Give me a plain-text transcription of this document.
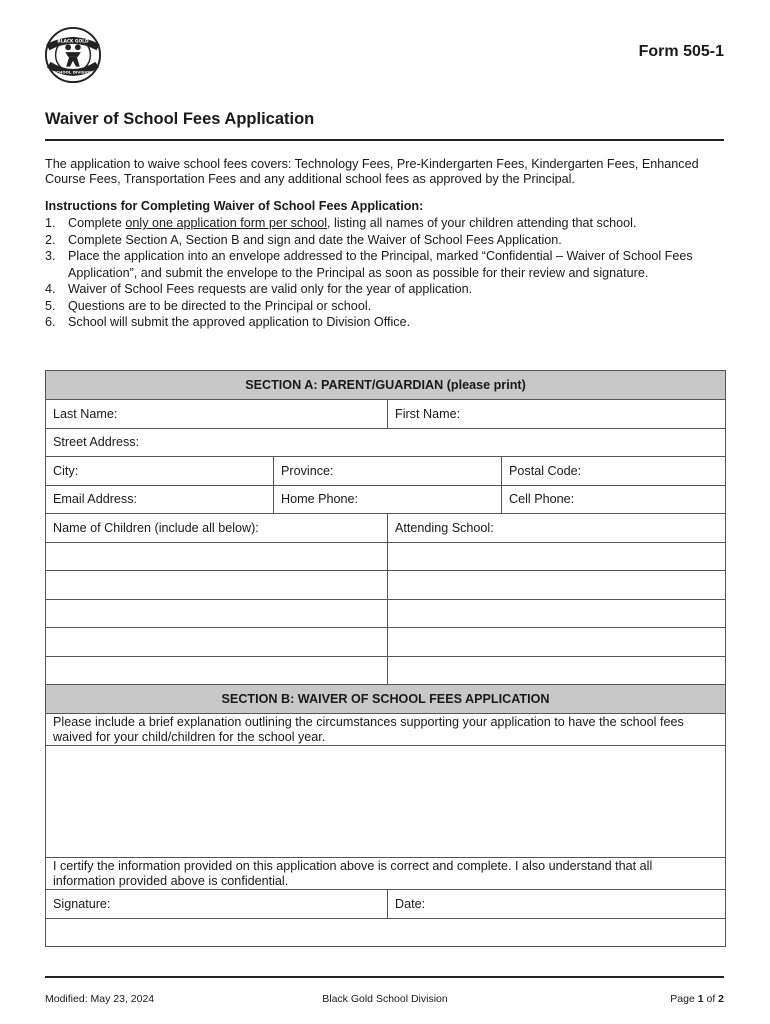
BLACK GOLD
SCHOOL DIVISION
Form 505-1
Waiver of School Fees Application
The application to waive school fees covers: Technology Fees, Pre-Kindergarten Fees, Kindergarten Fees, Enhanced Course Fees, Transportation Fees and any additional school fees as approved by the Principal.
Instructions for Completing Waiver of School Fees Application:
1. Complete only one application form per school, listing all names of your children attending that school.
2. Complete Section A, Section B and sign and date the Waiver of School Fees Application.
3. Place the application into an envelope addressed to the Principal, marked “Confidential – Waiver of School Fees Application”, and submit the envelope to the Principal as soon as possible for their review and signature.
4. Waiver of School Fees requests are valid only for the year of application.
5. Questions are to be directed to the Principal or school.
6. School will submit the approved application to Division Office.
SECTION A: PARENT/GUARDIAN (please print)			
Last Name:		First Name:	
Street Address:			
City:	Province:		Postal Code:
Email Address:	Home Phone:		Cell Phone:
Name of Children (include all below):		Attending School:	

SECTION B: WAIVER OF SCHOOL FEES APPLICATION			
Please include a brief explanation outlining the circumstances supporting your application to have the school fees waived for your child/children for the school year.			

I certify the information provided on this application above is correct and complete. I also understand that all information provided above is confidential.			
Signature:		Date:	

Modified: May 23, 2024	Black Gold School Division	Page 1 of 2
